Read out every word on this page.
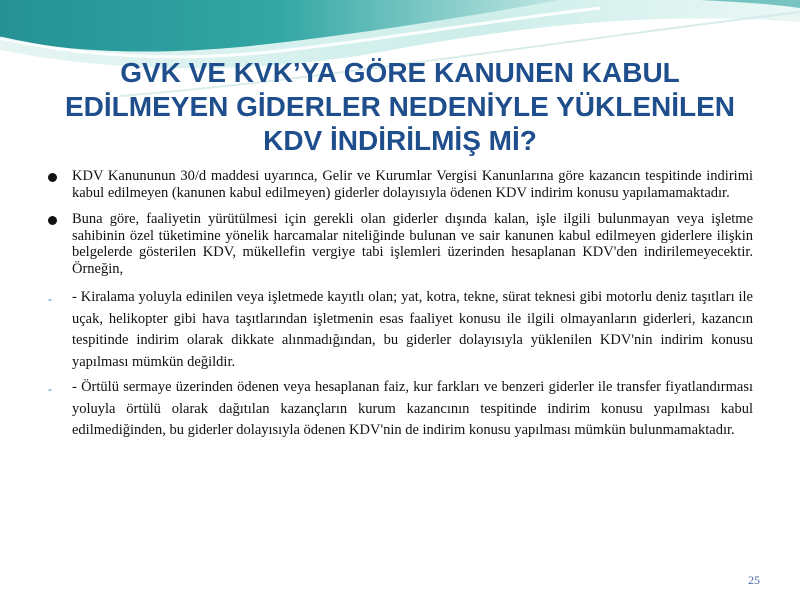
GVK VE KVK’YA GÖRE KANUNEN KABUL EDİLMEYEN GİDERLER NEDENİYLE YÜKLENİLEN KDV İNDİRİLMİŞ Mİ?
KDV Kanununun 30/d maddesi uyarınca, Gelir ve Kurumlar Vergisi Kanunlarına göre kazancın tespitinde indirimi kabul edilmeyen (kanunen kabul edilmeyen) giderler dolayısıyla ödenen KDV indirim konusu yapılamamaktadır.
Buna göre, faaliyetin yürütülmesi için gerekli olan giderler dışında kalan, işle ilgili bulunmayan veya işletme sahibinin özel tüketimine yönelik harcamalar niteliğinde bulunan ve sair kanunen kabul edilmeyen giderlere ilişkin belgelerde gösterilen KDV, mükellefin vergiye tabi işlemleri üzerinden hesaplanan KDV'den indirilemeyecektir. Örneğin,
- - Kiralama yoluyla edinilen veya işletmede kayıtlı olan; yat, kotra, tekne, sürat teknesi gibi motorlu deniz taşıtları ile uçak, helikopter gibi hava taşıtlarından işletmenin esas faaliyet konusu ile ilgili olmayanların giderleri, kazancın tespitinde indirim olarak dikkate alınmadığından, bu giderler dolayısıyla yüklenilen KDV'nin indirim konusu yapılması mümkün değildir.
- - Örtülü sermaye üzerinden ödenen veya hesaplanan faiz, kur farkları ve benzeri giderler ile transfer fiyatlandırması yoluyla örtülü olarak dağıtılan kazançların kurum kazancının tespitinde indirim konusu yapılması kabul edilmediğinden, bu giderler dolayısıyla ödenen KDV'nin de indirim konusu yapılması mümkün bulunmamaktadır.
25
